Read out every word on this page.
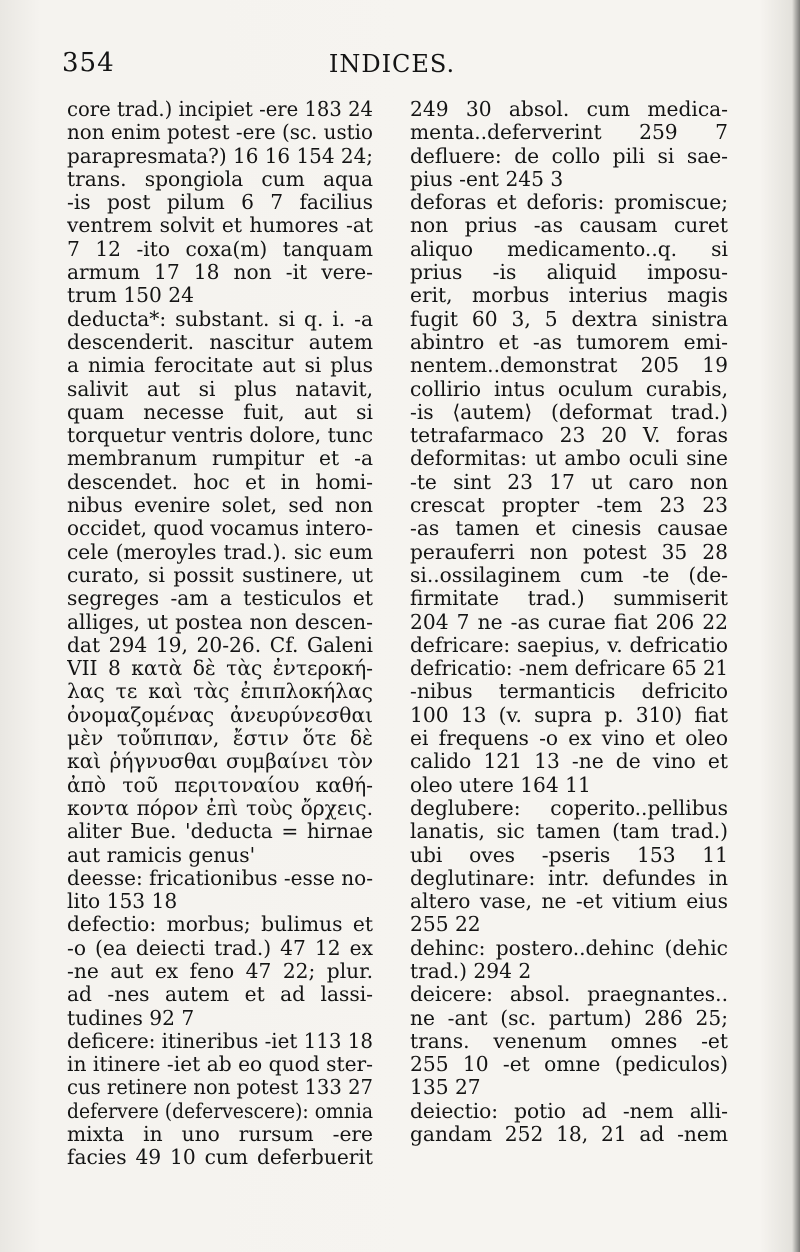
354	INDICES.
core trad.) incipiet -ere 183 24
non enim potest -ere (sc. ustio
parapresmata?) 16 16 154 24;
trans. spongiola cum aqua
-is post pilum 6 7 facilius
ventrem solvit et humores -at
7 12 -ito coxa(m) tanquam
armum 17 18 non -it vere-
trum 150 24
deducta*: substant. si q. i. -a
descenderit. nascitur autem
a nimia ferocitate aut si plus
salivit aut si plus natavit,
quam necesse fuit, aut si
torquetur ventris dolore, tunc
membranum rumpitur et -a
descendet. hoc et in homi-
nibus evenire solet, sed non
occidet, quod vocamus intero-
cele (meroyles trad.). sic eum
curato, si possit sustinere, ut
segreges -am a testiculos et
alliges, ut postea non descen-
dat 294 19, 20-26. Cf. Galeni
VII 8 κατὰ δὲ τὰς ἐντεροκή-
λας τε καὶ τὰς ἐπιπλοκήλας
ὀνομαζομένας ἀνευρύνεσθαι
μὲν τοὔπιπαν, ἔστιν ὅτε δὲ
καὶ ῥήγνυσθαι συμβαίνει τὸν
ἀπὸ τοῦ περιτοναίου καθή-
κοντα πόρον ἐπὶ τοὺς ὄρχεις.
aliter Bue. 'deducta = hirnae
aut ramicis genus'
deesse: fricationibus -esse no-
lito 153 18
defectio: morbus; bulimus et
-o (ea deiecti trad.) 47 12 ex
-ne aut ex feno 47 22; plur.
ad -nes autem et ad lassi-
tudines 92 7
deficere: itineribus -iet 113 18
in itinere -iet ab eo quod ster-
cus retinere non potest 133 27
defervere (defervescere): omnia
mixta in uno rursum -ere
facies 49 10 cum deferbuerit
249 30 absol. cum medica-
menta..deferverint 259 7
defluere: de collo pili si sae-
pius -ent 245 3
deforas et deforis: promiscue;
non prius -as causam curet
aliquo medicamento..q. si
prius -is aliquid imposu-
erit, morbus interius magis
fugit 60 3, 5 dextra sinistra
abintro et -as tumorem emi-
nentem..demonstrat 205 19
collirio intus oculum curabis,
-is ⟨autem⟩ (deformat trad.)
tetrafarmaco 23 20 V. foras
deformitas: ut ambo oculi sine
-te sint 23 17 ut caro non
crescat propter -tem 23 23
-as tamen et cinesis causae
perauferri non potest 35 28
si..ossilaginem cum -te (de-
firmitate trad.) summiserit
204 7 ne -as curae fiat 206 22
defricare: saepius, v. defricatio
defricatio: -nem defricare 65 21
-nibus termanticis defricito
100 13 (v. supra p. 310) fiat
ei frequens -o ex vino et oleo
calido 121 13 -ne de vino et
oleo utere 164 11
deglubere: coperito..pellibus
lanatis, sic tamen (tam trad.)
ubi oves -pseris 153 11
deglutinare: intr. defundes in
altero vase, ne -et vitium eius
255 22
dehinc: postero..dehinc (dehic
trad.) 294 2
deicere: absol. praegnantes..
ne -ant (sc. partum) 286 25;
trans. venenum omnes -et
255 10 -et omne (pediculos)
135 27
deiectio: potio ad -nem alli-
gandam 252 18, 21 ad -nem
